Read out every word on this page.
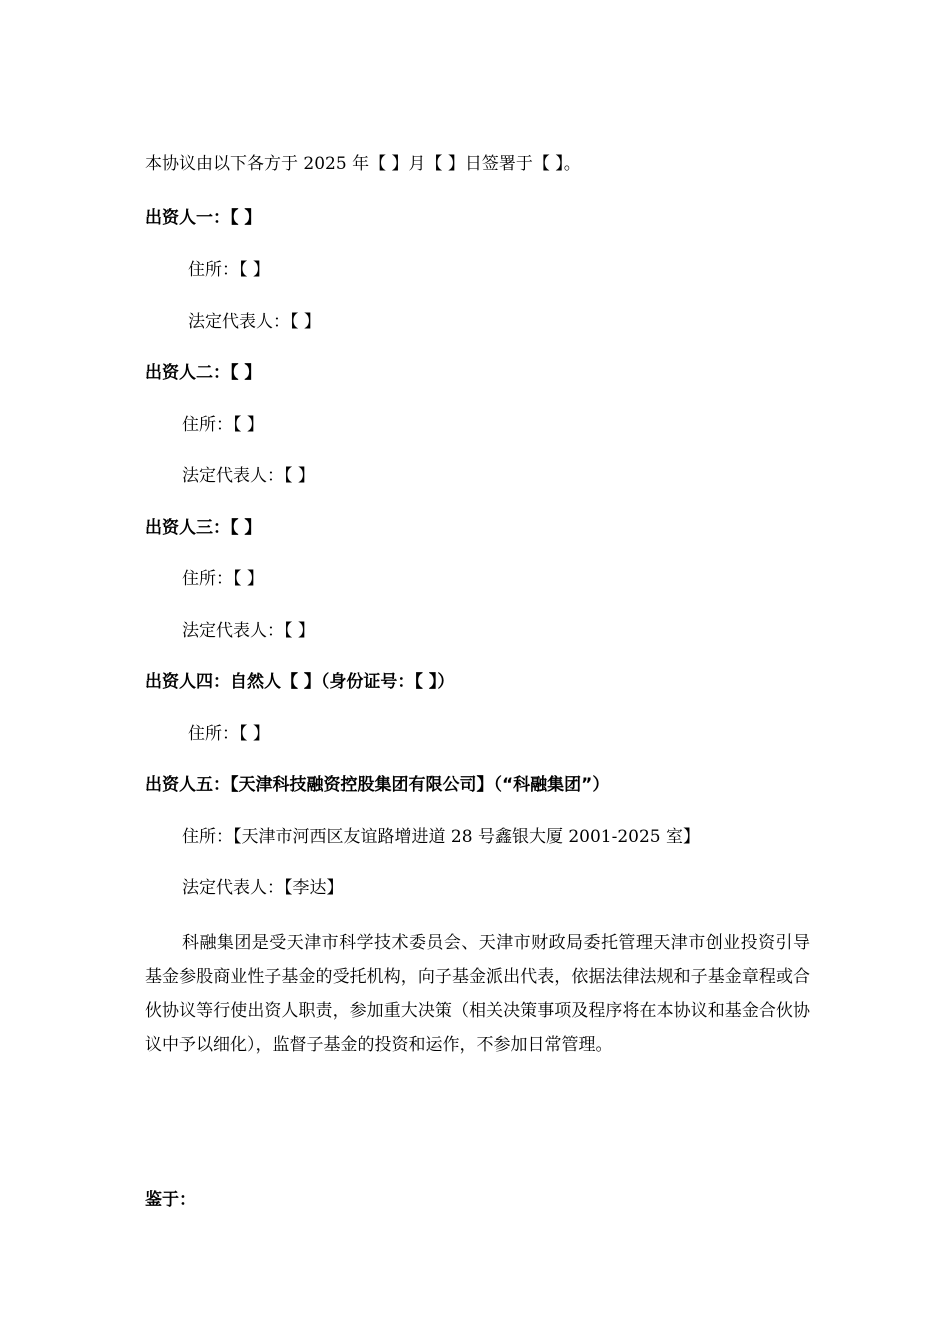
本协议由以下各方于 2025 年【 】月【 】日签署于【 】。
出资人一：【 】
住所：【 】
法定代表人：【 】
出资人二：【 】
住所：【 】
法定代表人：【 】
出资人三：【 】
住所：【 】
法定代表人：【 】
出资人四：自然人【 】（身份证号：【 】）
住所：【 】
出资人五：【天津科技融资控股集团有限公司】（“科融集团”）
住所：【天津市河西区友谊路增进道 28 号鑫银大厦 2001-2025 室】
法定代表人：【李达】
科融集团是受天津市科学技术委员会、天津市财政局委托管理天津市创业投资引导基金参股商业性子基金的受托机构，向子基金派出代表，依据法律法规和子基金章程或合伙协议等行使出资人职责，参加重大决策（相关决策事项及程序将在本协议和基金合伙协议中予以细化），监督子基金的投资和运作，不参加日常管理。
鉴于：
